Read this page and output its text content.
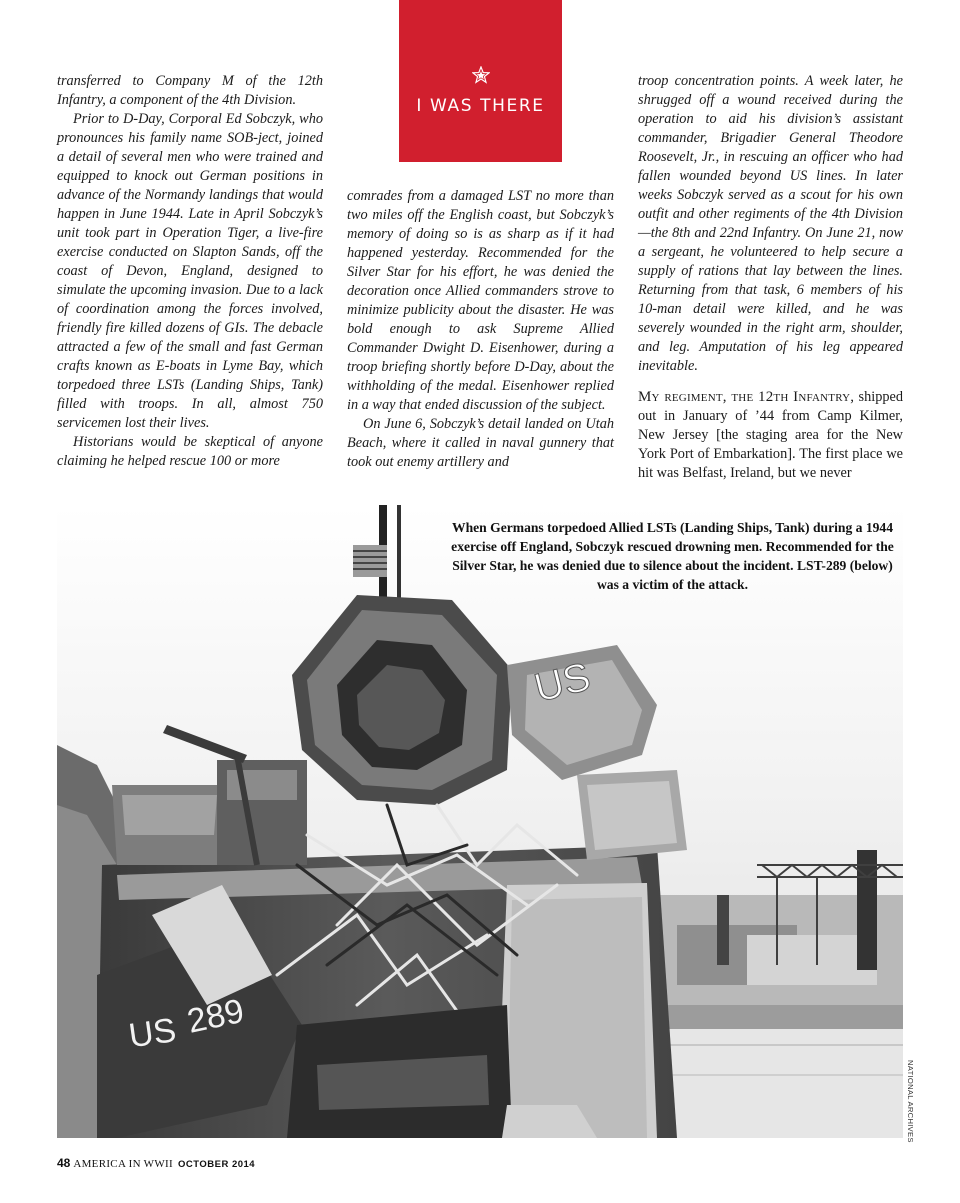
transferred to Company M of the 12th Infantry, a component of the 4th Division.

Prior to D-Day, Corporal Ed Sobczyk, who pronounces his family name SOB-ject, joined a detail of several men who were trained and equipped to knock out German positions in advance of the Normandy landings that would happen in June 1944. Late in April Sobczyk’s unit took part in Operation Tiger, a live-fire exercise conducted on Slapton Sands, off the coast of Devon, England, designed to simulate the upcoming invasion. Due to a lack of coordination among the forces involved, friendly fire killed dozens of GIs. The debacle attracted a few of the small and fast German crafts known as E-boats in Lyme Bay, which torpedoed three LSTs (Landing Ships, Tank) filled with troops. In all, almost 750 servicemen lost their lives.

Historians would be skeptical of anyone claiming he helped rescue 100 or more

I WAS THERE

comrades from a damaged LST no more than two miles off the English coast, but Sobczyk’s memory of doing so is as sharp as if it had happened yesterday. Recommended for the Silver Star for his effort, he was denied the decoration once Allied commanders strove to minimize publicity about the disaster. He was bold enough to ask Supreme Allied Commander Dwight D. Eisenhower, during a troop briefing shortly before D-Day, about the withholding of the medal. Eisenhower replied in a way that ended discussion of the subject.

On June 6, Sobczyk’s detail landed on Utah Beach, where it called in naval gunnery that took out enemy artillery and

troop concentration points. A week later, he shrugged off a wound received during the operation to aid his division’s assistant commander, Brigadier General Theodore Roosevelt, Jr., in rescuing an officer who had fallen wounded beyond US lines. In later weeks Sobczyk served as a scout for his own outfit and other regiments of the 4th Division—the 8th and 22nd Infantry. On June 21, now a sergeant, he volunteered to help secure a supply of rations that lay between the lines. Returning from that task, 6 members of his 10-man detail were killed, and he was severely wounded in the right arm, shoulder, and leg. Amputation of his leg appeared inevitable.

My regiment, the 12th Infantry, shipped out in January of ’44 from Camp Kilmer, New Jersey [the staging area for the New York Port of Embarkation]. The first place we hit was Belfast, Ireland, but we never

US
US 289
When Germans torpedoed Allied LSTs (Landing Ships, Tank) during a 1944 exercise off England, Sobczyk rescued drowning men. Recommended for the Silver Star, he was denied due to silence about the incident. LST-289 (below) was a victim of the attack.
NATIONAL ARCHIVES
48 AMERICA IN WWII OCTOBER 2014
